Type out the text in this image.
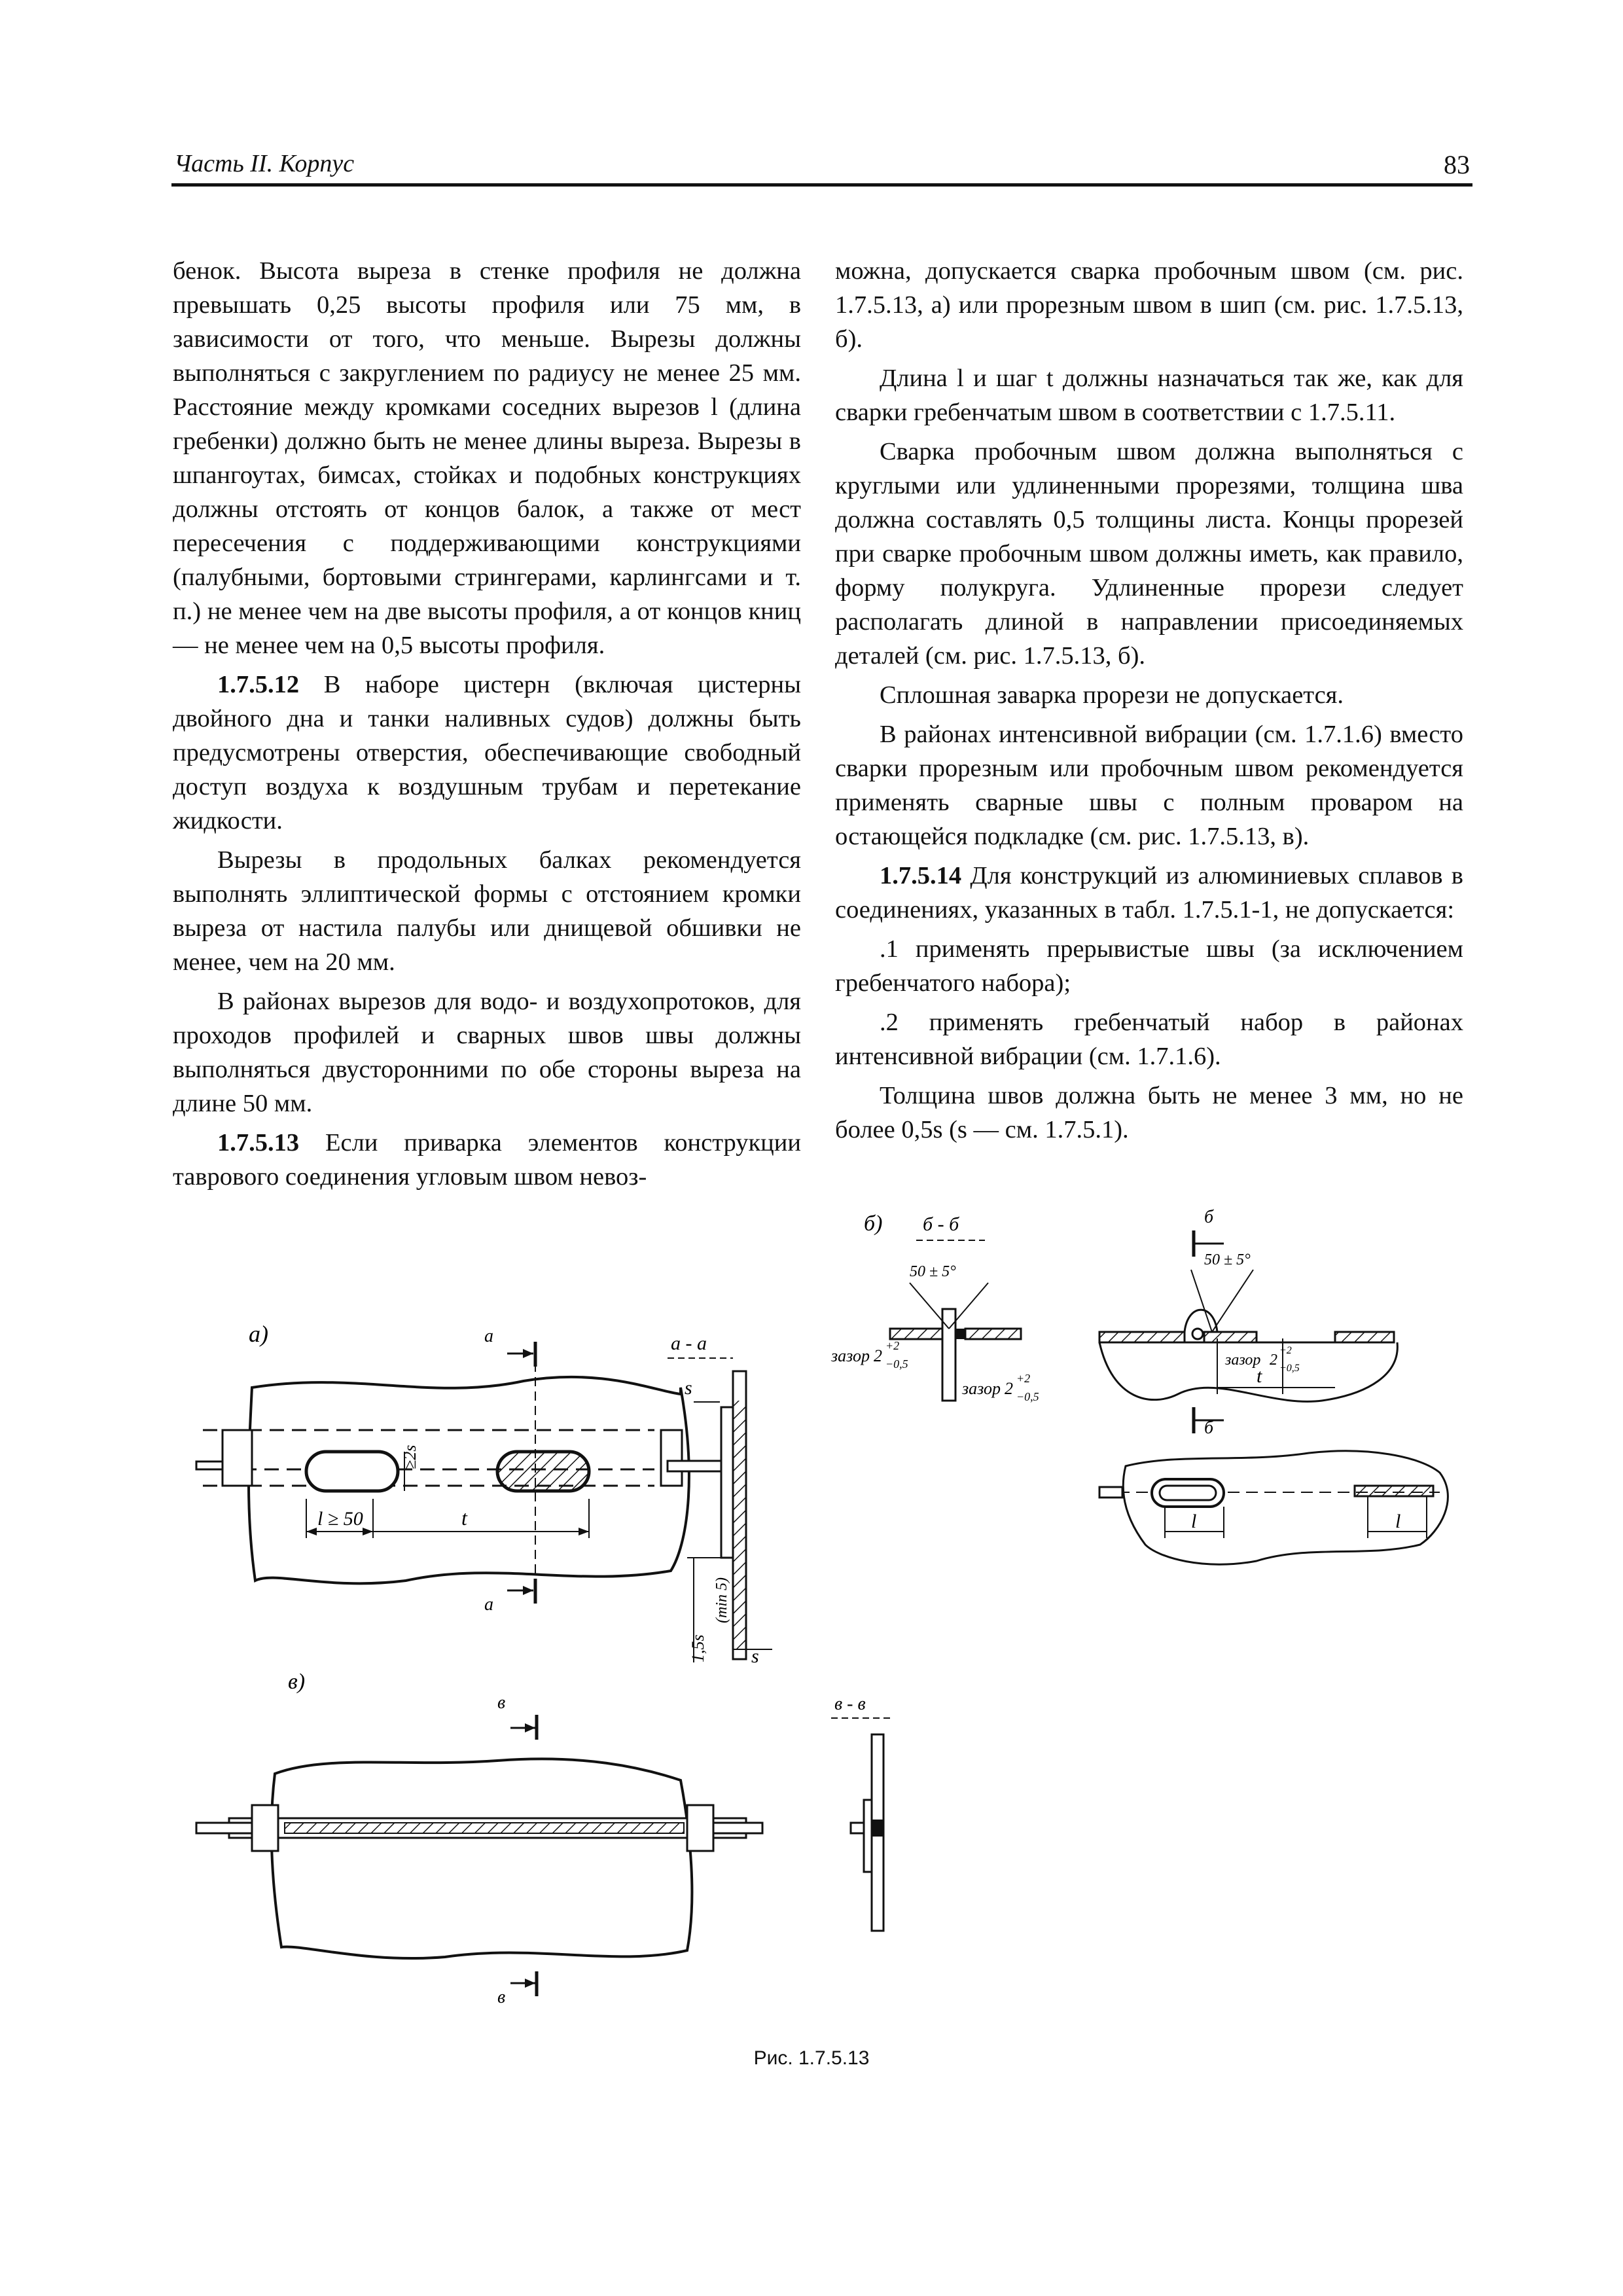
Часть II. Корпус	83

бенок. Высота выреза в стенке профиля не должна превышать 0,25 высоты профиля или 75 мм, в зависимости от того, что меньше. Вырезы должны выполняться с закруглением по радиусу не менее 25 мм. Расстояние между кромками соседних вырезов l (длина гребенки) должно быть не менее длины выреза. Вырезы в шпангоутах, бимсах, стойках и подобных конструкциях должны отстоять от концов балок, а также от мест пересечения с поддерживающими конструкциями (палубными, бортовыми стрингерами, карлингсами и т. п.) не менее чем на две высоты профиля, а от концов книц — не менее чем на 0,5 высоты профиля.

1.7.5.12 В наборе цистерн (включая цистерны двойного дна и танки наливных судов) должны быть предусмотрены отверстия, обеспечивающие свободный доступ воздуха к воздушным трубам и перетекание жидкости.

Вырезы в продольных балках рекомендуется выполнять эллиптической формы с отстоянием кромки выреза от настила палубы или днищевой обшивки не менее, чем на 20 мм.

В районах вырезов для водо- и воздухопротоков, для проходов профилей и сварных швов швы должны выполняться двусторонними по обе стороны выреза на длине 50 мм.

1.7.5.13 Если приварка элементов конструкции таврового соединения угловым швом невоз-

можна, допускается сварка пробочным швом (см. рис. 1.7.5.13, а) или прорезным швом в шип (см. рис. 1.7.5.13, б).

Длина l и шаг t должны назначаться так же, как для сварки гребенчатым швом в соответствии с 1.7.5.11.

Сварка пробочным швом должна выполняться с круглыми или удлиненными прорезями, толщина шва должна составлять 0,5 толщины листа. Концы прорезей при сварке пробочным швом должны иметь, как правило, форму полукруга. Удлиненные прорези следует располагать длиной в направлении присоединяемых деталей (см. рис. 1.7.5.13, б).

Сплошная заварка прорези не допускается.

В районах интенсивной вибрации (см. 1.7.1.6) вместо сварки прорезным или пробочным швом рекомендуется применять сварные швы с полным проваром на остающейся подкладке (см. рис. 1.7.5.13, в).

1.7.5.14 Для конструкций из алюминиевых сплавов в соединениях, указанных в табл. 1.7.5.1-1, не допускается:

.1 применять прерывистые швы (за исключением гребенчатого набора);

.2 применять гребенчатый набор в районах интенсивной вибрации (см. 1.7.1.6).

Толщина швов должна быть не менее 3 мм, но не более 0,5s (s — см. 1.7.5.1).

а)
l ≥ 50	t
≥2s
а
а
а - а
s
s
1,5s
(min 5)
б) б - б
50 ± 5°
зазор 2
+2
−0,5
зазор 2
+2
−0,5
50 ± 5°
t
зазор 2
+2
−0,5
б
б
l	l
в)
в
в
в - в
Рис. 1.7.5.13
